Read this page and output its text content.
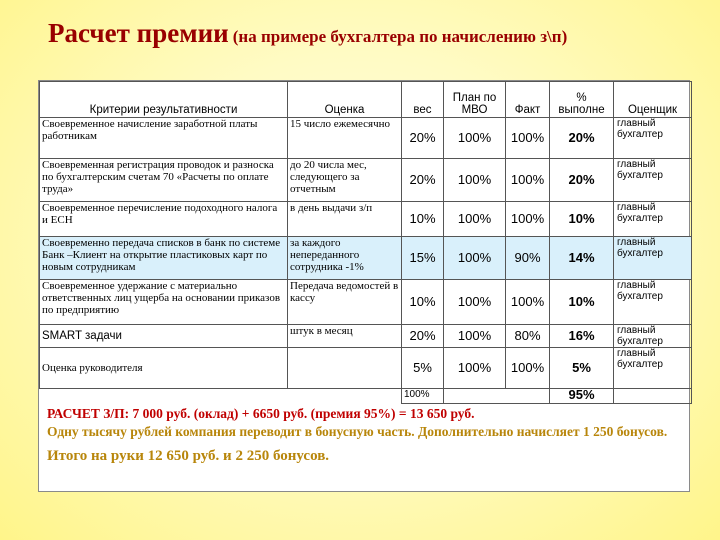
Расчет премии (на примере бухгалтера по начислению з\п)
Критерии результативности	Оценка	вес	План по МВО	Факт	% выполне	Оценщик
Своевременное начисление заработной платы работникам	15 число ежемесячно	20%	100%	100%	20%	главный бухгалтер
Своевременная регистрация проводок и разноска по бухгалтерским счетам 70 «Расчеты по оплате труда»	до 20 числа мес, следующего за отчетным	20%	100%	100%	20%	главный бухгалтер
Своевременное перечисление подоходного налога и ЕСН	в день выдачи з/п	10%	100%	100%	10%	главный бухгалтер
Своевременно передача списков в банк по системе Банк –Клиент на открытие пластиковых карт по новым сотрудникам	за каждого непереданного сотрудника -1%	15%	100%	90%	14%	главный бухгалтер
Своевременное удержание с материально ответственных лиц ущерба на основании приказов по предприятию	Передача ведомостей в кассу	10%	100%	100%	10%	главный бухгалтер
SMART задачи	штук в месяц	20%	100%	80%	16%	главный бухгалтер
Оценка руководителя		5%	100%	100%	5%	главный бухгалтер
		100%			95%	
РАСЧЕТ З/П: 7 000 руб. (оклад) + 6650 руб. (премия 95%) = 13 650 руб.
Одну тысячу рублей компания переводит в бонусную часть. Дополнительно начисляет 1 250 бонусов.
Итого на руки 12 650 руб. и 2 250 бонусов.
